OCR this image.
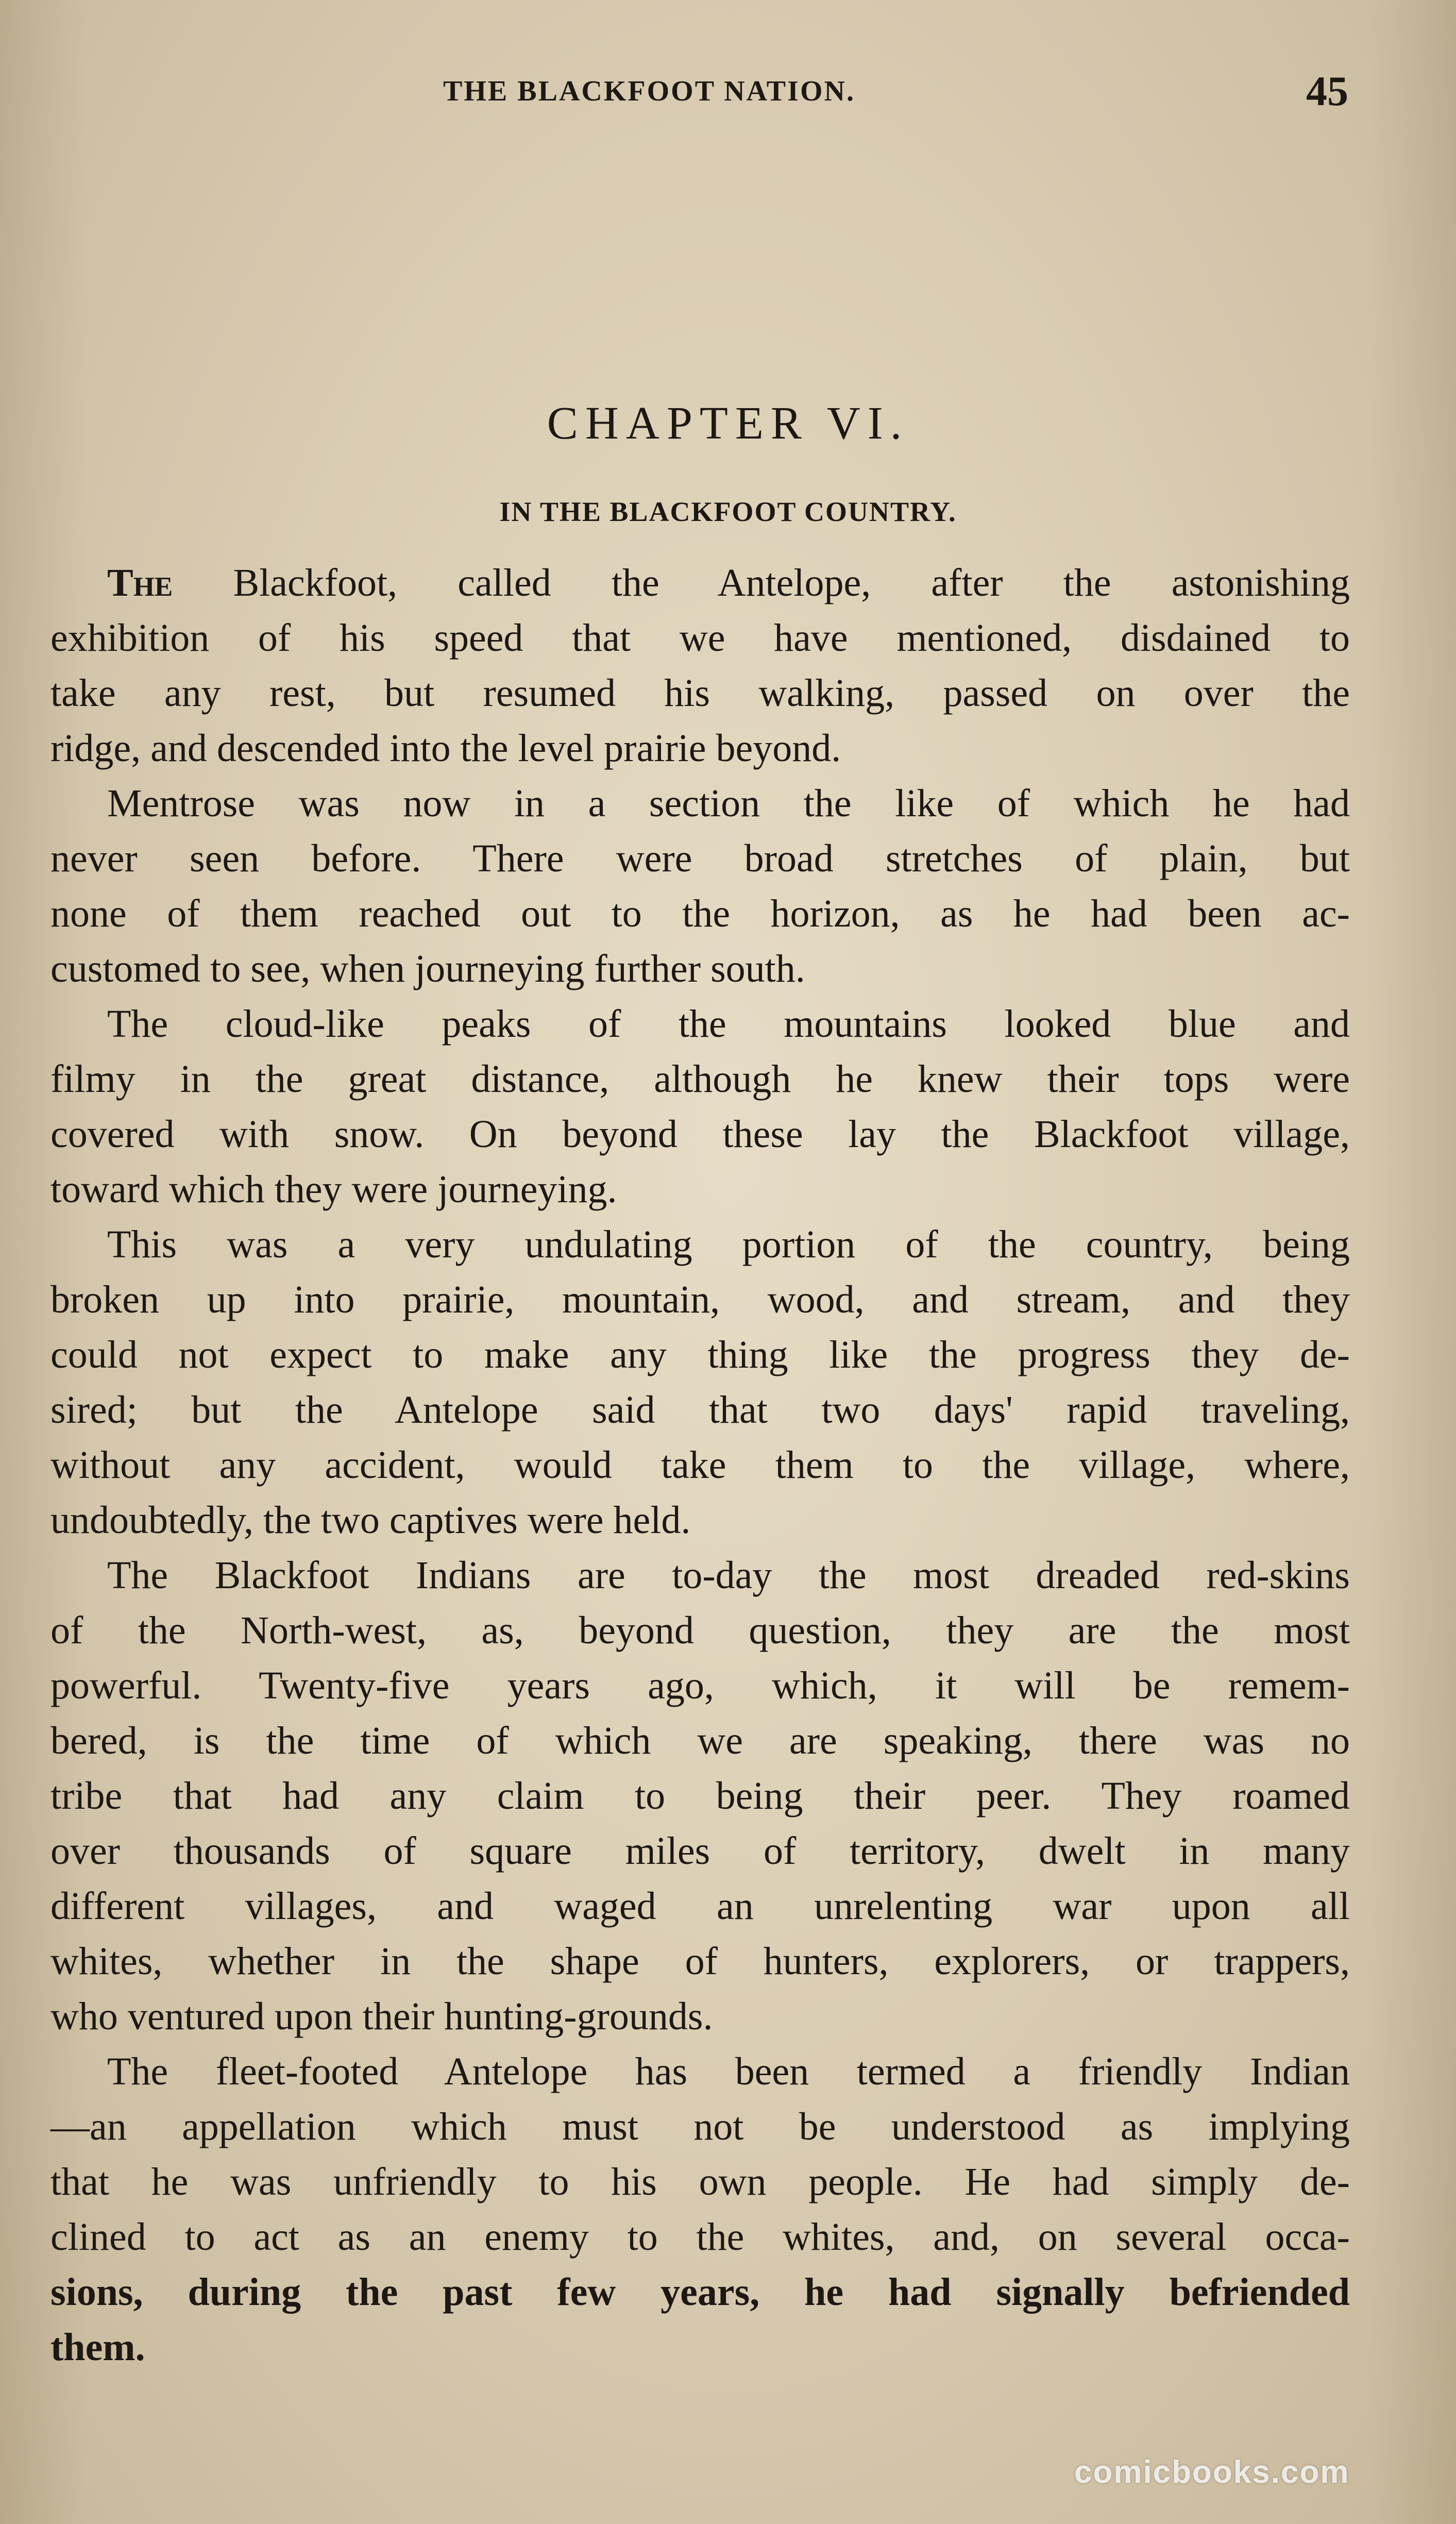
THE BLACKFOOT NATION.	45
CHAPTER VI.
IN THE BLACKFOOT COUNTRY.
The Blackfoot, called the Antelope, after the astonishing
exhibition of his speed that we have mentioned, disdained to
take any rest, but resumed his walking, passed on over the
ridge, and descended into the level prairie beyond.
Mentrose was now in a section the like of which he had
never seen before. There were broad stretches of plain, but
none of them reached out to the horizon, as he had been ac-
customed to see, when journeying further south.
The cloud-like peaks of the mountains looked blue and
filmy in the great distance, although he knew their tops were
covered with snow. On beyond these lay the Blackfoot village,
toward which they were journeying.
This was a very undulating portion of the country, being
broken up into prairie, mountain, wood, and stream, and they
could not expect to make any thing like the progress they de-
sired; but the Antelope said that two days' rapid traveling,
without any accident, would take them to the village, where,
undoubtedly, the two captives were held.
The Blackfoot Indians are to-day the most dreaded red-skins
of the North-west, as, beyond question, they are the most
powerful. Twenty-five years ago, which, it will be remem-
bered, is the time of which we are speaking, there was no
tribe that had any claim to being their peer. They roamed
over thousands of square miles of territory, dwelt in many
different villages, and waged an unrelenting war upon all
whites, whether in the shape of hunters, explorers, or trappers,
who ventured upon their hunting-grounds.
The fleet-footed Antelope has been termed a friendly Indian
—an appellation which must not be understood as implying
that he was unfriendly to his own people. He had simply de-
clined to act as an enemy to the whites, and, on several occa-
sions, during the past few years, he had signally befriended
them.
comicbooks.com
